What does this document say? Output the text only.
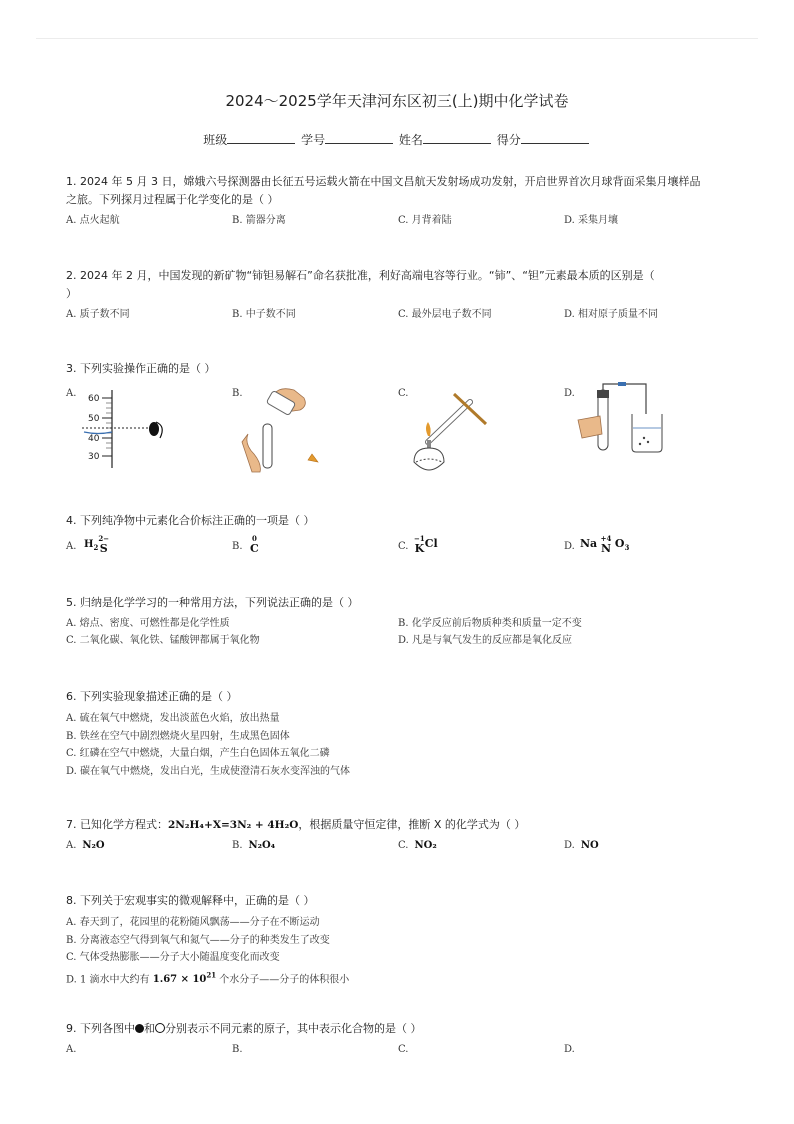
2024～2025学年天津河东区初三(上)期中化学试卷
班级	学号	姓名	得分
1. 2024 年 5 月 3 日，嫦娥六号探测器由长征五号运载火箭在中国文昌航天发射场成功发射，开启世界首次月球背面采集月壤样品
之旅。下列探月过程属于化学变化的是（ ）
A. 点火起航	B. 箭器分离	C. 月背着陆	D. 采集月壤
2. 2024 年 2 月，中国发现的新矿物“铈钽易解石”命名获批准，利好高端电容等行业。“铈”、“钽”元素最本质的区别是（
）
A. 质子数不同	B. 中子数不同	C. 最外层电子数不同	D. 相对原子质量不同
3. 下列实验操作正确的是（ ）
A.	B.	C.	D.
60
50
40
30
4. 下列纯净物中元素化合价标注正确的一项是（ ）
A. $H_2$
2−
S	B.
0
C	C.
−1
K Cl	D. Na +4
N $O_3$
5. 归纳是化学学习的一种常用方法，下列说法正确的是（ ）
A. 熔点、密度、可燃性都是化学性质	B. 化学反应前后物质种类和质量一定不变
C. 二氧化碳、氧化铁、锰酸钾都属于氧化物	D. 凡是与氧气发生的反应都是氧化反应
6. 下列实验现象描述正确的是（ ）
A. 硫在氧气中燃烧，发出淡蓝色火焰，放出热量
B. 铁丝在空气中剧烈燃烧火星四射，生成黑色固体
C. 红磷在空气中燃烧，大量白烟，产生白色固体五氧化二磷
D. 碳在氧气中燃烧，发出白光，生成使澄清石灰水变浑浊的气体
7. 已知化学方程式：2N₂H₄+X=3N₂ + 4H₂O，根据质量守恒定律，推断 X 的化学式为（ ）
A. N₂O	B. N₂O₄	C. NO₂	D. NO
8. 下列关于宏观事实的微观解释中，正确的是（ ）
A. 春天到了，花园里的花粉随风飘荡——分子在不断运动
B. 分离液态空气得到氧气和氮气——分子的种类发生了改变
C. 气体受热膨胀——分子大小随温度变化而改变
D. 1 滴水中大约有 $1.67 \times 10^{21}$ 个水分子——分子的体积很小
9. 下列各图中 和 分别表示不同元素的原子，其中表示化合物的是（ ）
A.	B.	C.	D.
